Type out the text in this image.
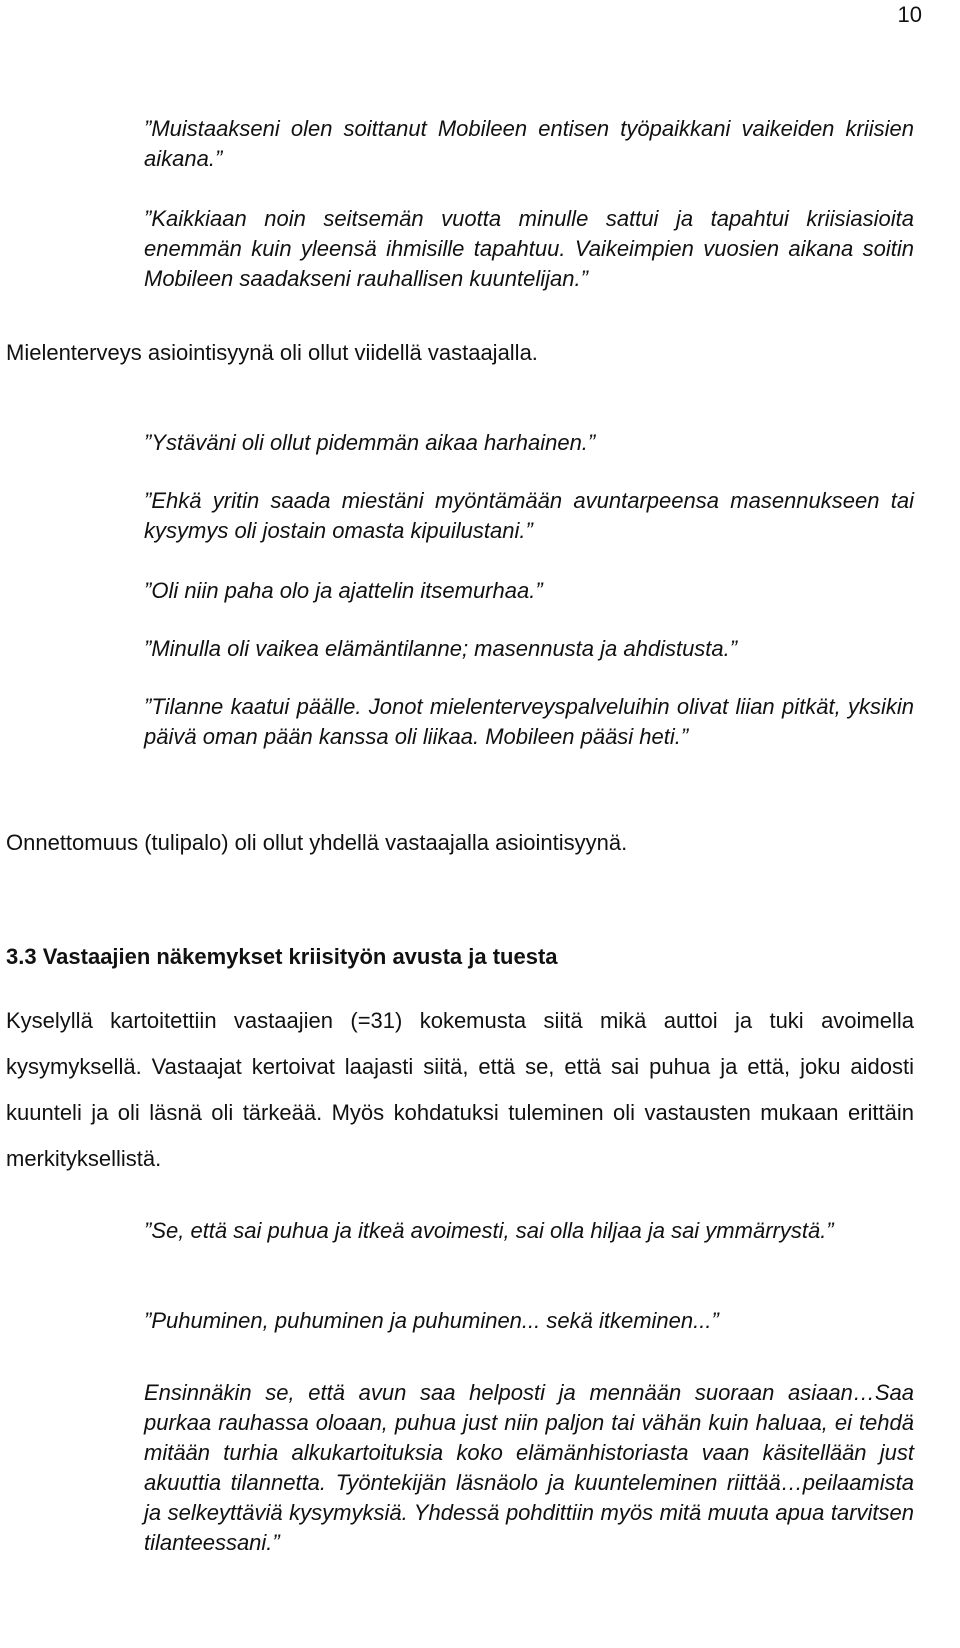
10

”Muistaakseni olen soittanut Mobileen entisen työpaikkani vaikeiden kriisien aikana.”

”Kaikkiaan noin seitsemän vuotta minulle sattui ja tapahtui kriisiasioita enemmän kuin yleensä ihmisille tapahtuu. Vaikeimpien vuosien aikana soitin Mobileen saadakseni rauhallisen kuuntelijan.”

Mielenterveys asiointisyynä oli ollut viidellä vastaajalla.

”Ystäväni oli ollut pidemmän aikaa harhainen.”

”Ehkä yritin saada miestäni myöntämään avuntarpeensa masennukseen tai kysymys oli jostain omasta kipuilustani.”

”Oli niin paha olo ja ajattelin itsemurhaa.”

”Minulla oli vaikea elämäntilanne; masennusta ja ahdistusta.”

”Tilanne kaatui päälle. Jonot mielenterveyspalveluihin olivat liian pitkät, yksikin päivä oman pään kanssa oli liikaa. Mobileen pääsi heti.”

Onnettomuus (tulipalo) oli ollut yhdellä vastaajalla asiointisyynä.

3.3 Vastaajien näkemykset kriisityön avusta ja tuesta

Kyselyllä kartoitettiin vastaajien (=31) kokemusta siitä mikä auttoi ja tuki avoimella kysymyksellä. Vastaajat kertoivat laajasti siitä, että se, että sai puhua ja että, joku aidosti kuunteli ja oli läsnä oli tärkeää. Myös kohdatuksi tuleminen oli vastausten mukaan erittäin merkityksellistä.

”Se, että sai puhua ja itkeä avoimesti, sai olla hiljaa ja sai ymmärrystä.”

”Puhuminen, puhuminen ja puhuminen... sekä itkeminen...”

Ensinnäkin se, että avun saa helposti ja mennään suoraan asiaan…Saa purkaa rauhassa oloaan, puhua just niin paljon tai vähän kuin haluaa, ei tehdä mitään turhia alkukartoituksia koko elämänhistoriasta vaan käsitellään just akuuttia tilannetta. Työntekijän läsnäolo ja kuunteleminen riittää…peilaamista ja selkeyttäviä kysymyksiä. Yhdessä pohdittiin myös mitä muuta apua tarvitsen tilanteessani.”
